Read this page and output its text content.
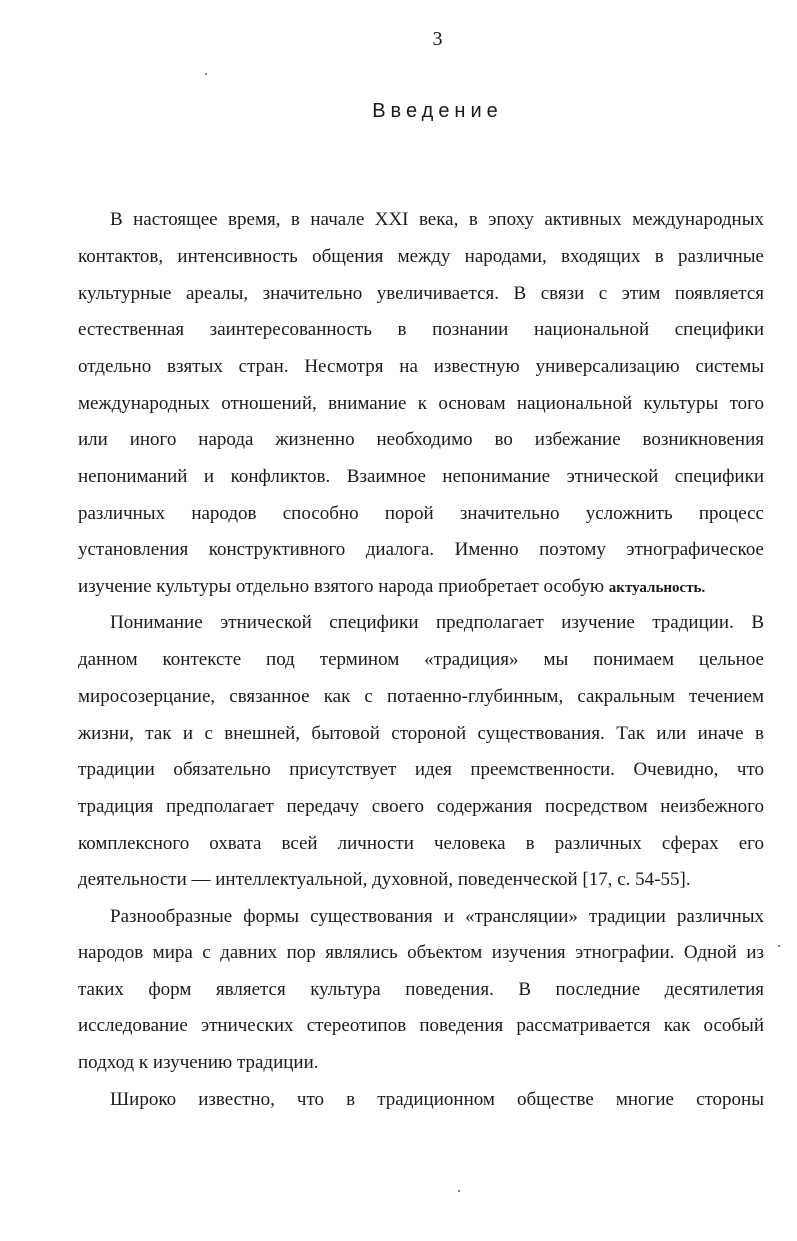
3
Введение
В настоящее время, в начале XXI века, в эпоху активных международных
контактов, интенсивность общения между народами, входящих в различные
культурные ареалы, значительно увеличивается. В связи с этим появляется
естественная заинтересованность в познании национальной специфики
отдельно взятых стран. Несмотря на известную универсализацию системы
международных отношений, внимание к основам национальной культуры того
или иного народа жизненно необходимо во избежание возникновения
непониманий и конфликтов. Взаимное непонимание этнической специфики
различных народов способно порой значительно усложнить процесс
установления конструктивного диалога. Именно поэтому этнографическое
изучение культуры отдельно взятого народа приобретает особую актуальность.
Понимание этнической специфики предполагает изучение традиции. В
данном контексте под термином «традиция» мы понимаем цельное
миросозерцание, связанное как с потаенно-глубинным, сакральным течением
жизни, так и с внешней, бытовой стороной существования. Так или иначе в
традиции обязательно присутствует идея преемственности. Очевидно, что
традиция предполагает передачу своего содержания посредством неизбежного
комплексного охвата всей личности человека в различных сферах его
деятельности — интеллектуальной, духовной, поведенческой [17, с. 54-55].
Разнообразные формы существования и «трансляции» традиции различных
народов мира с давних пор являлись объектом изучения этнографии. Одной из
таких форм является культура поведения. В последние десятилетия
исследование этнических стереотипов поведения рассматривается как особый
подход к изучению традиции.
Широко известно, что в традиционном обществе многие стороны
